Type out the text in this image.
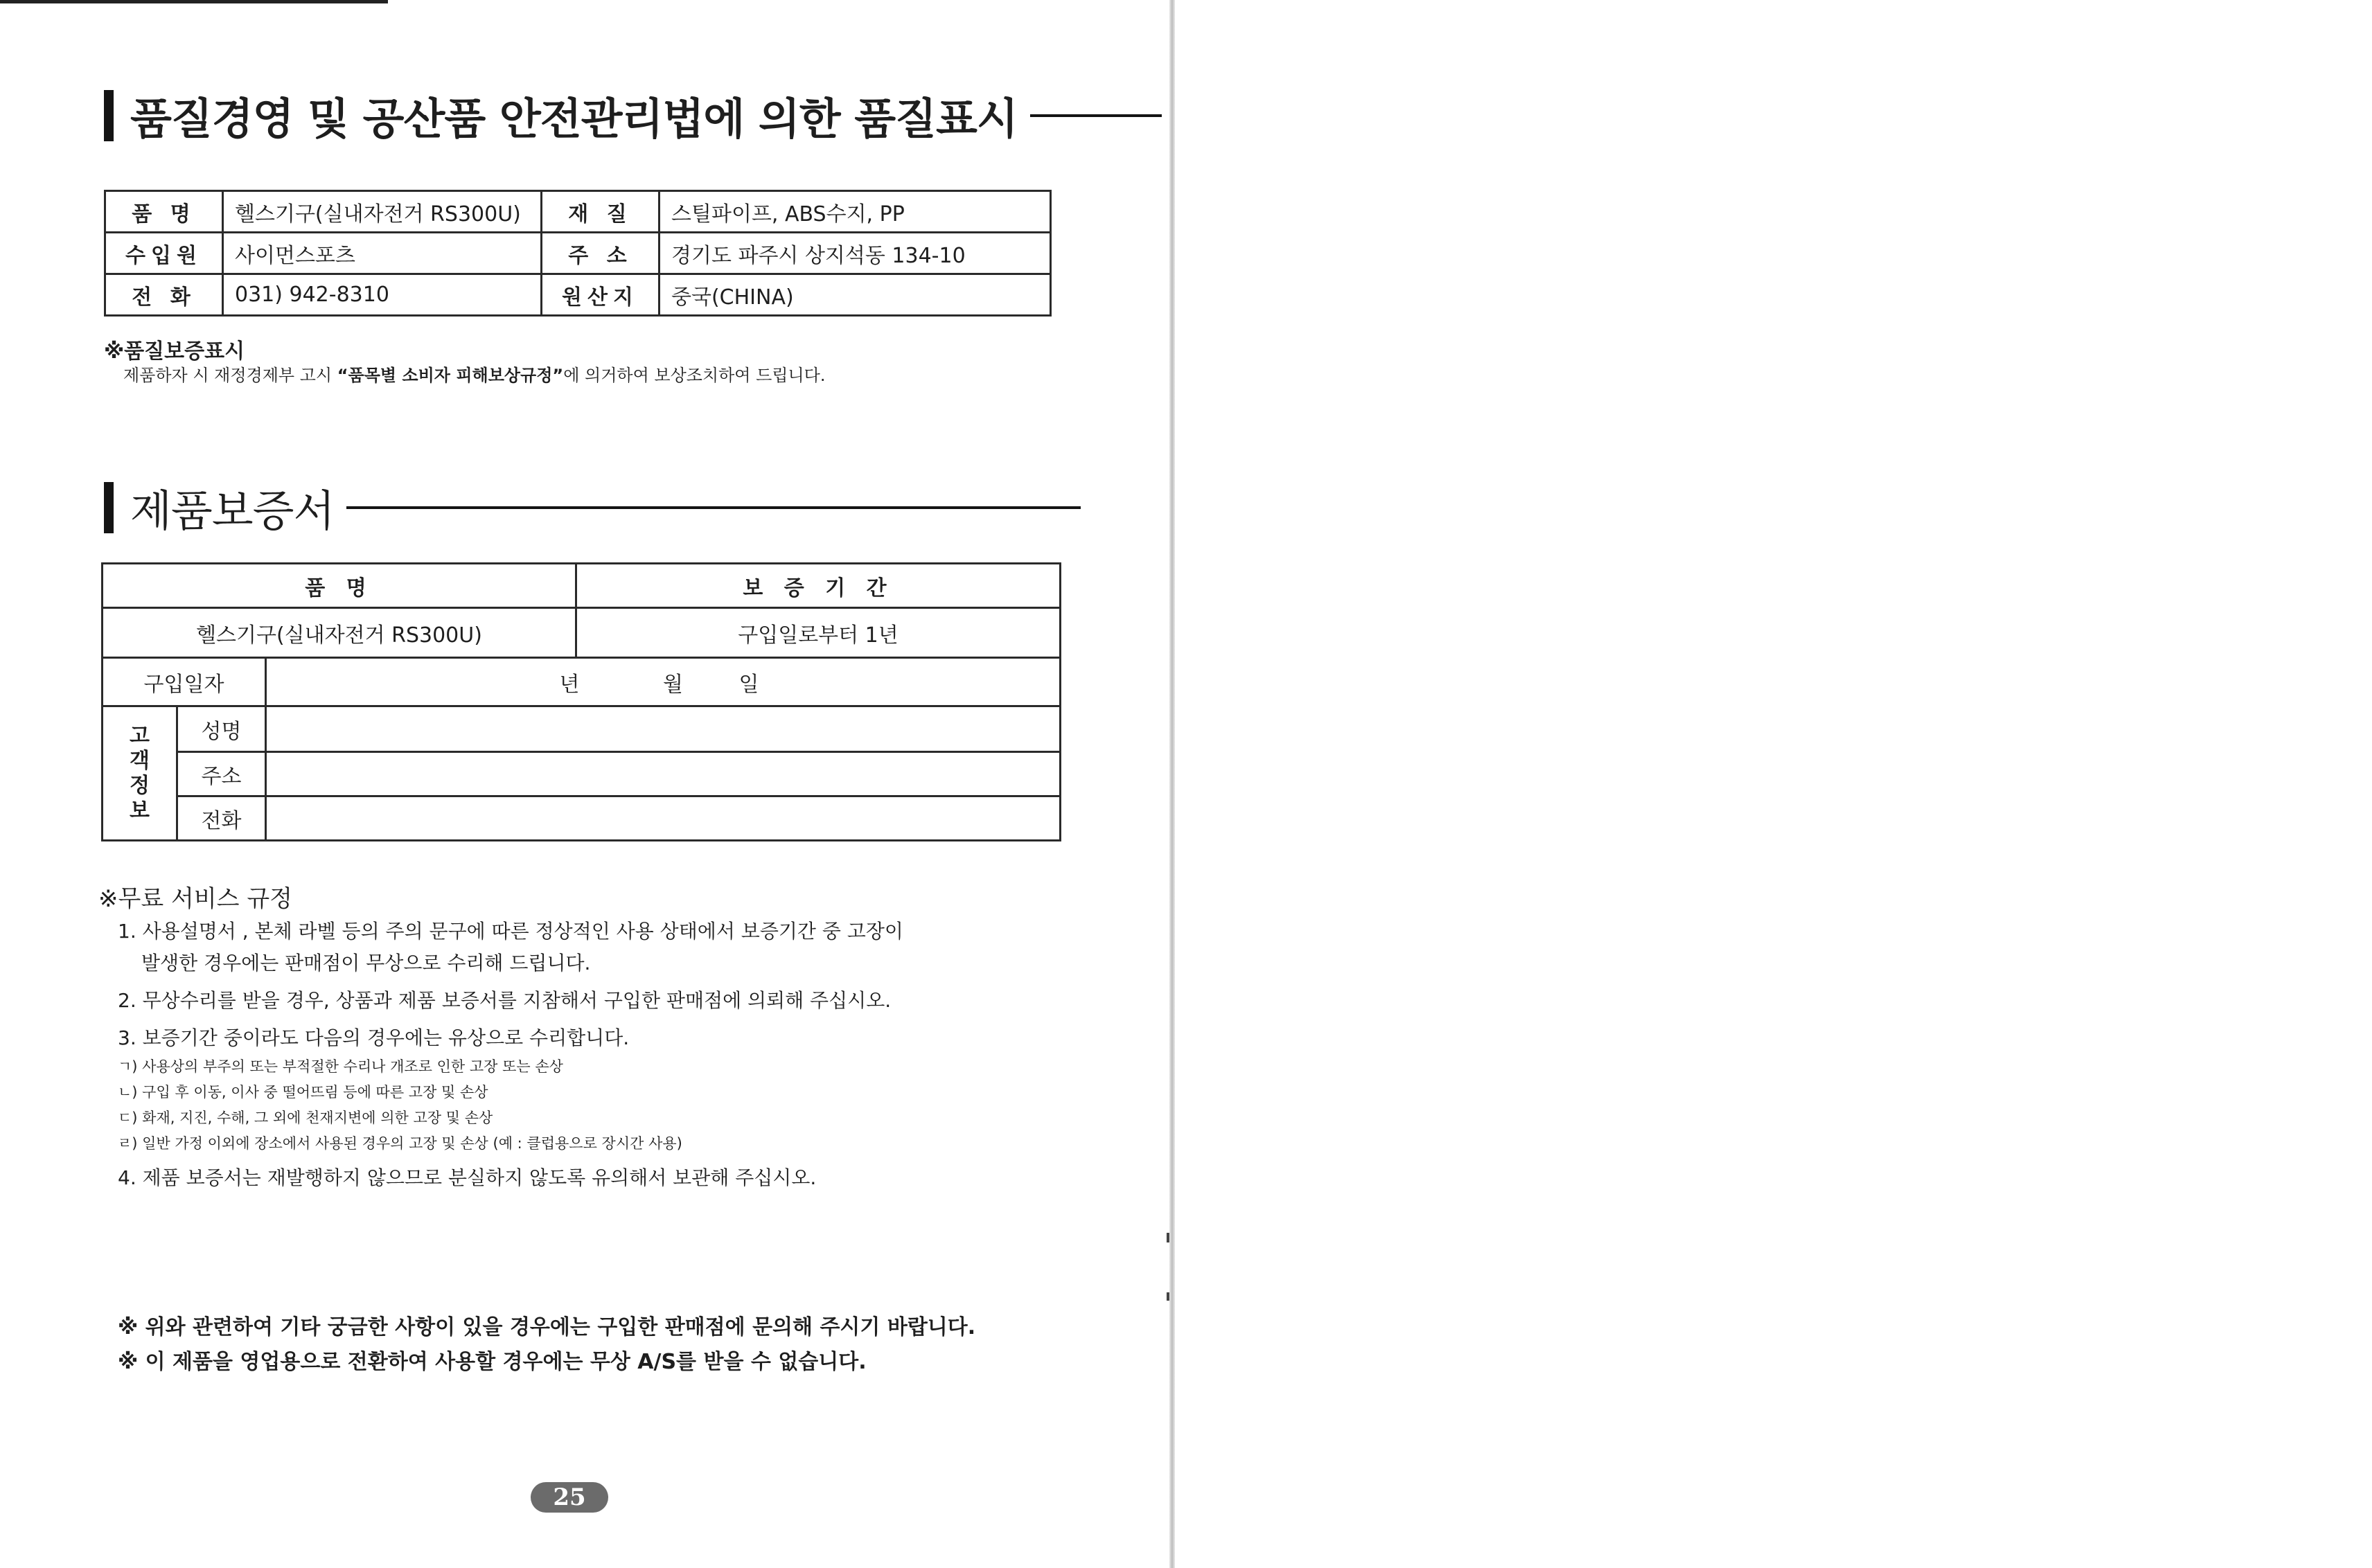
품질경영 및 공산품 안전관리법에 의한 품질표시
품 명	헬스기구(실내자전거 RS300U)	재 질	스틸파이프, ABS수지, PP
수입원	사이먼스포츠	주 소	경기도 파주시 상지석동 134-10
전 화	031) 942-8310	원산지	중국(CHINA)
※품질보증표시
제품하자 시 재정경제부 고시 “품목별 소비자 피해보상규정”에 의거하여 보상조치하여 드립니다.
제품보증서
품 명	보 증 기 간
헬스기구(실내자전거 RS300U)	구입일로부터 1년
구입일자		년 월 일
고객정보	성명	
	주소	
	전화	
※무료 서비스 규정
1. 사용설명서 , 본체 라벨 등의 주의 문구에 따른 정상적인 사용 상태에서 보증기간 중 고장이
발생한 경우에는 판매점이 무상으로 수리해 드립니다.
2. 무상수리를 받을 경우, 상품과 제품 보증서를 지참해서 구입한 판매점에 의뢰해 주십시오.
3. 보증기간 중이라도 다음의 경우에는 유상으로 수리합니다.
ㄱ) 사용상의 부주의 또는 부적절한 수리나 개조로 인한 고장 또는 손상
ㄴ) 구입 후 이동, 이사 중 떨어뜨림 등에 따른 고장 및 손상
ㄷ) 화재, 지진, 수해, 그 외에 천재지변에 의한 고장 및 손상
ㄹ) 일반 가정 이외에 장소에서 사용된 경우의 고장 및 손상 (예 : 클럽용으로 장시간 사용)
4. 제품 보증서는 재발행하지 않으므로 분실하지 않도록 유의해서 보관해 주십시오.
※ 위와 관련하여 기타 궁금한 사항이 있을 경우에는 구입한 판매점에 문의해 주시기 바랍니다.
※ 이 제품을 영업용으로 전환하여 사용할 경우에는 무상 A/S를 받을 수 없습니다.
25
